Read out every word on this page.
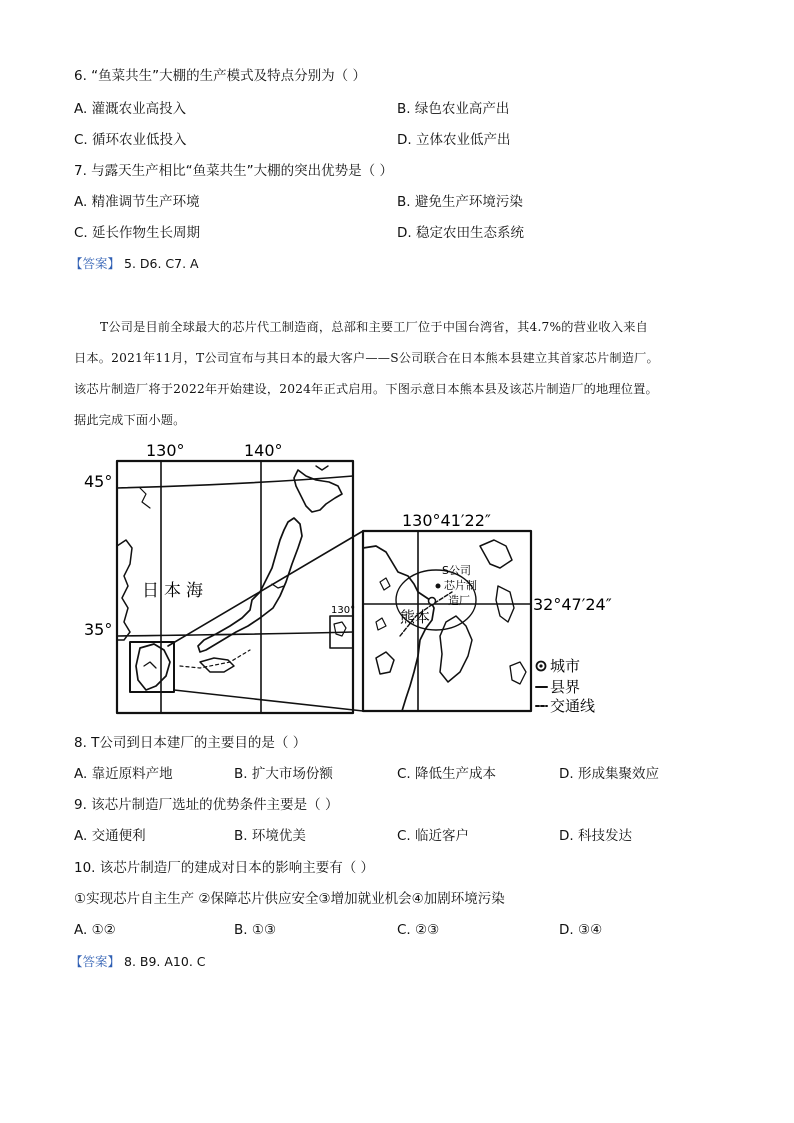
6. “鱼菜共生”大棚的生产模式及特点分别为（ ）
A. 灌溉农业高投入	B. 绿色农业高产出
C. 循环农业低投入	D. 立体农业低产出
7. 与露天生产相比“鱼菜共生”大棚的突出优势是（ ）
A. 精准调节生产环境	B. 避免生产环境污染
C. 延长作物生长周期	D. 稳定农田生态系统
【答案】 5. D6. C7. A
T公司是目前全球最大的芯片代工制造商，总部和主要工厂位于中国台湾省，其4.7%的营业收入来自
日本。2021年11月，T公司宣布与其日本的最大客户——S公司联合在日本熊本县建立其首家芯片制造厂。
该芯片制造厂将于2022年开始建设，2024年正式启用。下图示意日本熊本县及该芯片制造厂的地理位置。
据此完成下面小题。
130°	140°
45°
35°
日本海
130°
130°41′22″
32°47′24″
熊本
S公司
芯片制
造厂
城市
县界
交通线
8. T公司到日本建厂的主要目的是（ ）
A. 靠近原料产地	B. 扩大市场份额	C. 降低生产成本	D. 形成集聚效应
9. 该芯片制造厂选址的优势条件主要是（ ）
A. 交通便利	B. 环境优美	C. 临近客户	D. 科技发达
10. 该芯片制造厂的建成对日本的影响主要有（ ）
①实现芯片自主生产 ②保障芯片供应安全③增加就业机会④加剧环境污染
A. ①②	B. ①③	C. ②③	D. ③④
【答案】 8. B9. A10. C
